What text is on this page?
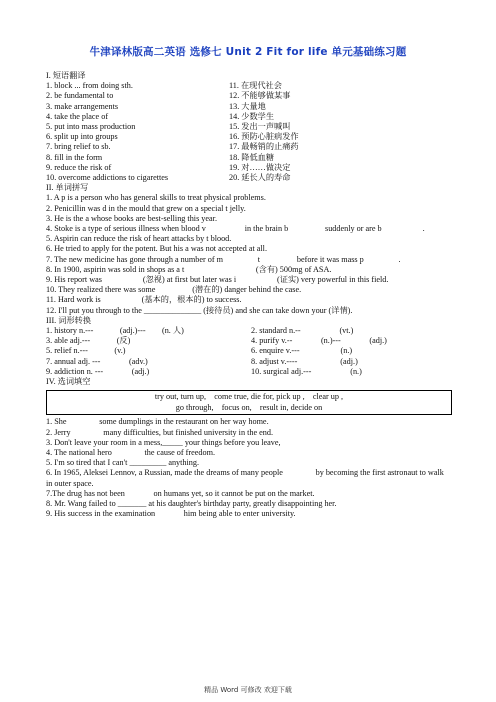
牛津译林版高二英语 选修七 Unit 2 Fit for life 单元基础练习题
I. 短语翻译
1. block ... from doing sth.	11. 在现代社会
2. be fundamental to	12. 不能够做某事
3. make arrangements	13. 大量地
4. take the place of	14. 少数学生
5. put into mass production	15. 发出一声喊叫
6. split up into groups	16. 预防心脏病发作
7. bring relief to sb.	17. 最畅销的止痛药
8. fill in the form	18. 降低血糖
9. reduce the risk of	19. 对……做决定
10. overcome addictions to cigarettes	20. 延长人的寿命
II. 单词拼写
1. A p is a person who has general skills to treat physical problems.
2. Penicillin was d in the mould that grew on a special t jelly.
3. He is the a whose books are best-selling this year.
4. Stoke is a type of serious illness when blood v                   in the brain b                  suddenly or are b                    .
5. Aspirin can reduce the risk of heart attacks by t blood.
6. He tried to apply for the potent. But his a was not accepted at all.
7. The new medicine has gone through a number of m                 t                  before it was mass p                 .
8. In 1900, aspirin was sold in shops as a t                                   (含有) 500mg of ASA.
9. His report was                    (忽视) at first but later was i                    (证实) very powerful in this field.
10. They realized there was some                  (潜在的) danger behind the case.
11. Hard work is                    (基本的，根本的) to success.
12. I'll put you through to the ______________ (接待员) and she can take down your (详情).
III. 词形转换
1. history n.---             (adj.)---        (n. 人)	2. standard n.--                   (vt.)
3. able adj.---             (反)	4. purify v.--              (n.)---              (adj.)
5. relief n.---             (v.)	6. enquire v.---                    (n.)
7. annual adj. ---              (adv.)	8. adjust v.----                     (adj.)
9. addiction n. ---              (adj.)	10. surgical adj.---                   (n.)
IV. 选词填空
try out, turn up,    come true, die for, pick up ,    clear up ,
go through,    focus on,    result in, decide on
1. She                some dumplings in the restaurant on her way home.
2. Jerry                many difficulties, but finished university in the end.
3. Don't leave your room in a mess,_____ your things before you leave,
4. The national hero                the cause of freedom.
5. I'm so tired that I can't _________ anything.
6. In 1965, Aleksei Lennov, a Russian, made the dreams of many people                by becoming the first astronaut to walk in outer space.
7.The drug has not been              on humans yet, so it cannot be put on the market.
8. Mr. Wang failed to _______ at his daughter's birthday party, greatly disappointing her.
9. His success in the examination              him being able to enter university.
精品 Word 可修改 欢迎下载
